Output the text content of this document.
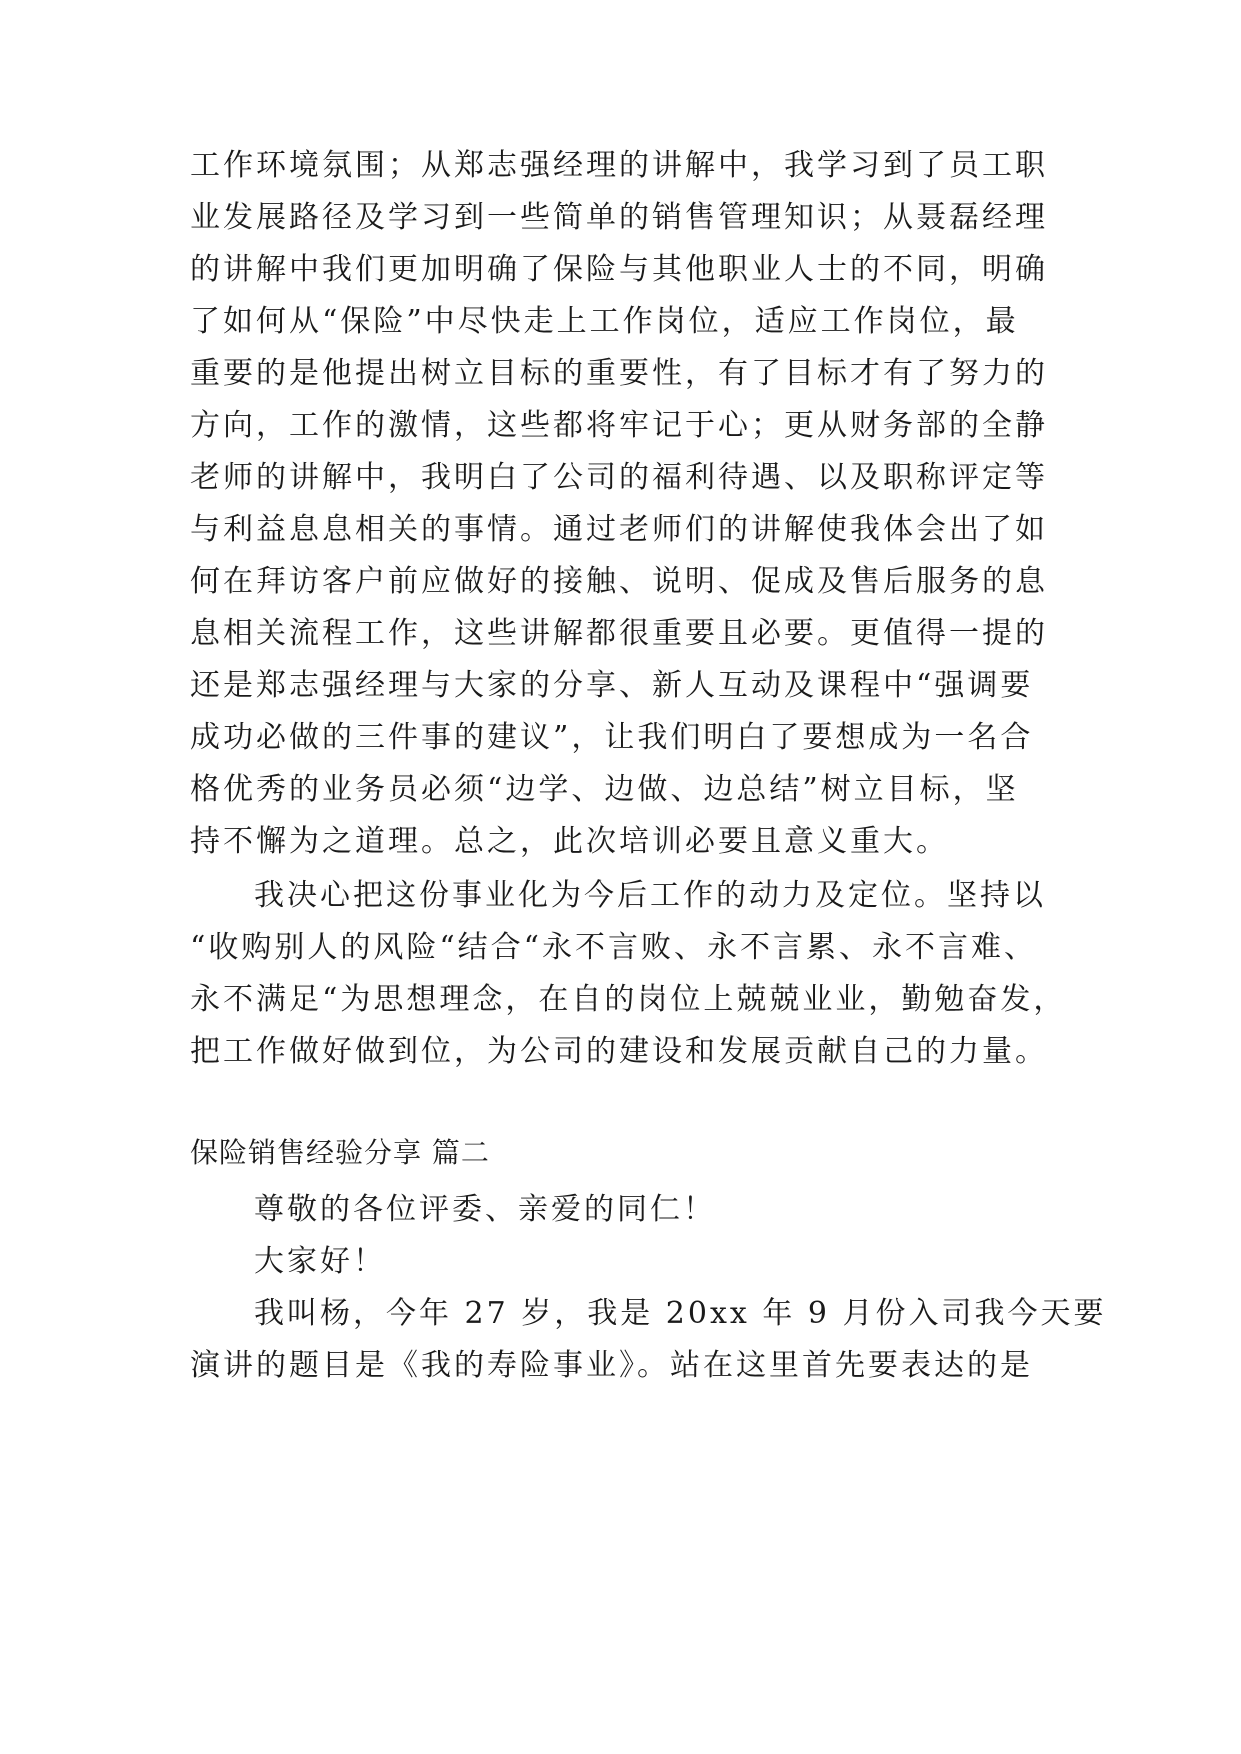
工作环境氛围；从郑志强经理的讲解中，我学习到了员工职
业发展路径及学习到一些简单的销售管理知识；从聂磊经理
的讲解中我们更加明确了保险与其他职业人士的不同，明确
了如何从“保险”中尽快走上工作岗位，适应工作岗位，最
重要的是他提出树立目标的重要性，有了目标才有了努力的
方向，工作的激情，这些都将牢记于心；更从财务部的全静
老师的讲解中，我明白了公司的福利待遇、以及职称评定等
与利益息息相关的事情。通过老师们的讲解使我体会出了如
何在拜访客户前应做好的接触、说明、促成及售后服务的息
息相关流程工作，这些讲解都很重要且必要。更值得一提的
还是郑志强经理与大家的分享、新人互动及课程中“强调要
成功必做的三件事的建议”，让我们明白了要想成为一名合
格优秀的业务员必须“边学、边做、边总结”树立目标，坚
持不懈为之道理。总之，此次培训必要且意义重大。
我决心把这份事业化为今后工作的动力及定位。坚持以
“收购别人的风险“结合“永不言败、永不言累、永不言难、
永不满足“为思想理念，在自的岗位上兢兢业业，勤勉奋发，
把工作做好做到位，为公司的建设和发展贡献自己的力量。
保险销售经验分享 篇二
尊敬的各位评委、亲爱的同仁！
大家好！
我叫杨，今年 27 岁，我是 20xx 年 9 月份入司我今天要
演讲的题目是《我的寿险事业》。站在这里首先要表达的是
